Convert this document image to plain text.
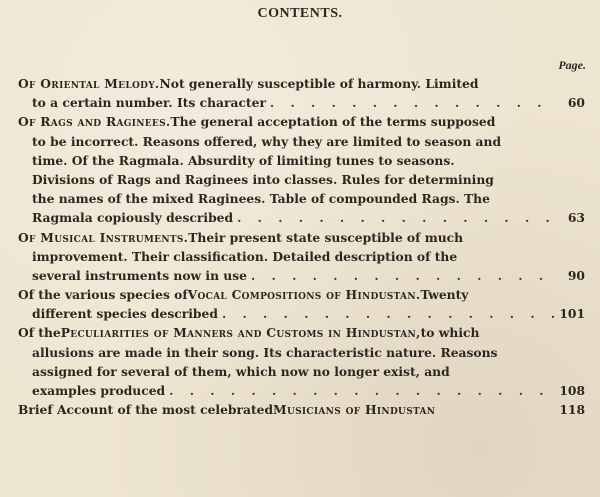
CONTENTS.
Page.
Of Oriental Melody. Not generally susceptible of harmony. Limited
to a certain number. Its character . . .	60
Of Rags and Raginees. The general acceptation of the terms supposed
to be incorrect. Reasons offered, why they are limited to season and
time. Of the Ragmala. Absurdity of limiting tunes to seasons.
Divisions of Rags and Raginees into classes. Rules for determining
the names of the mixed Raginees. Table of compounded Rags. The
Ragmala copiously described . . .	63
Of Musical Instruments. Their present state susceptible of much
improvement. Their classification. Detailed description of the
several instruments now in use . . .	90
Of the various species of Vocal Compositions of Hindustan. Twenty
different species described . . .	101
Of the Peculiarities of Manners and Customs in Hindustan, to which
allusions are made in their song. Its characteristic nature. Reasons
assigned for several of them, which now no longer exist, and
examples produced . . .	108
Brief Account of the most celebrated Musicians of Hindustan	118
